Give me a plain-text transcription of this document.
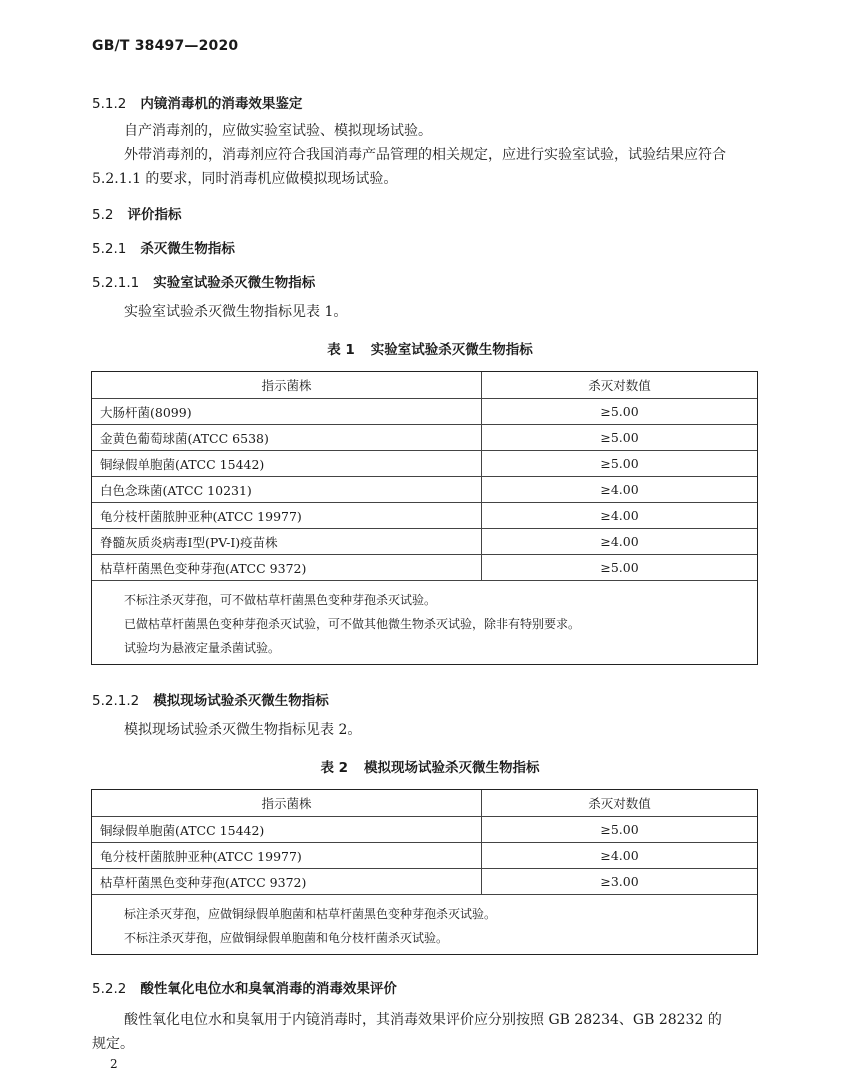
GB/T 38497—2020
5.1.2 内镜消毒机的消毒效果鉴定
自产消毒剂的，应做实验室试验、模拟现场试验。
外带消毒剂的，消毒剂应符合我国消毒产品管理的相关规定，应进行实验室试验，试验结果应符合
5.2.1.1 的要求，同时消毒机应做模拟现场试验。
5.2 评价指标
5.2.1 杀灭微生物指标
5.2.1.1 实验室试验杀灭微生物指标
实验室试验杀灭微生物指标见表 1。
表 1 实验室试验杀灭微生物指标
指示菌株	杀灭对数值
大肠杆菌(8099)	≥5.00
金黄色葡萄球菌(ATCC 6538)	≥5.00
铜绿假单胞菌(ATCC 15442)	≥5.00
白色念珠菌(ATCC 10231)	≥4.00
龟分枝杆菌脓肿亚种(ATCC 19977)	≥4.00
脊髓灰质炎病毒Ⅰ型(PV-Ⅰ)疫苗株	≥4.00
枯草杆菌黑色变种芽孢(ATCC 9372)	≥5.00
不标注杀灭芽孢，可不做枯草杆菌黑色变种芽孢杀灭试验。
已做枯草杆菌黑色变种芽孢杀灭试验，可不做其他微生物杀灭试验，除非有特别要求。
试验均为悬液定量杀菌试验。
5.2.1.2 模拟现场试验杀灭微生物指标
模拟现场试验杀灭微生物指标见表 2。
表 2 模拟现场试验杀灭微生物指标
指示菌株	杀灭对数值
铜绿假单胞菌(ATCC 15442)	≥5.00
龟分枝杆菌脓肿亚种(ATCC 19977)	≥4.00
枯草杆菌黑色变种芽孢(ATCC 9372)	≥3.00
标注杀灭芽孢，应做铜绿假单胞菌和枯草杆菌黑色变种芽孢杀灭试验。
不标注杀灭芽孢，应做铜绿假单胞菌和龟分枝杆菌杀灭试验。
5.2.2 酸性氧化电位水和臭氧消毒的消毒效果评价
酸性氧化电位水和臭氧用于内镜消毒时，其消毒效果评价应分别按照 GB 28234、GB 28232 的
规定。
2
